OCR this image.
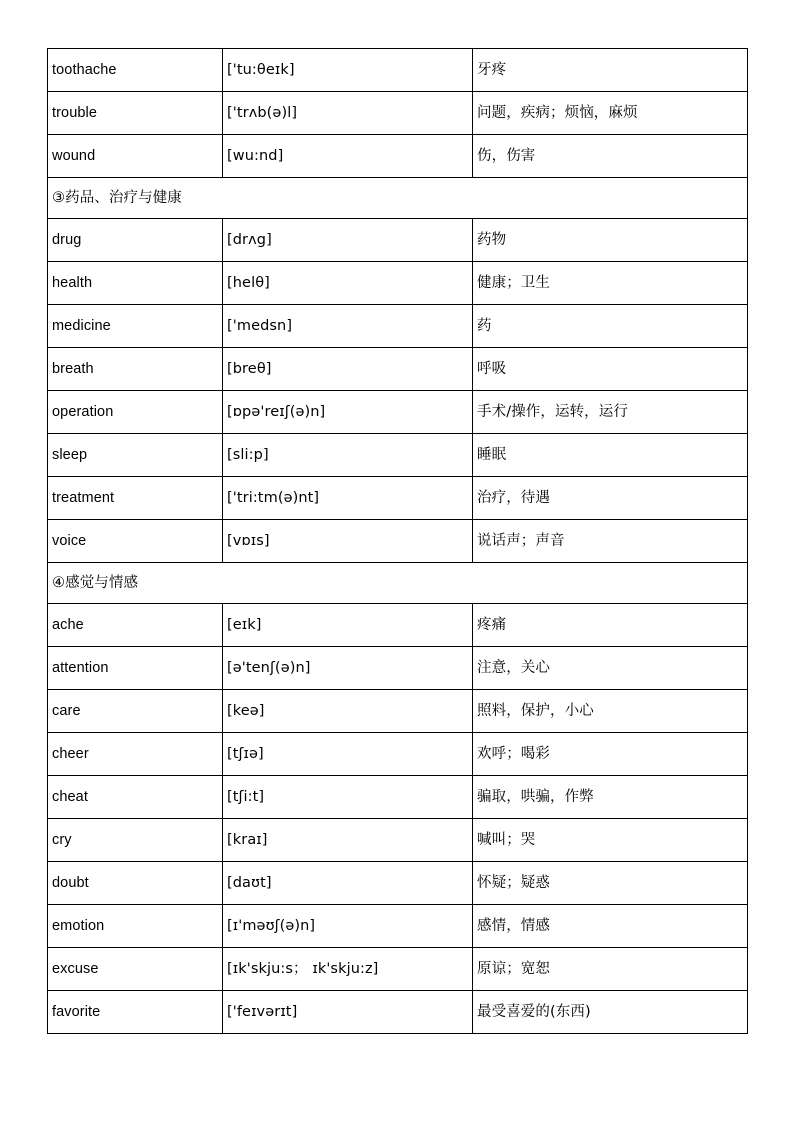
toothache	['tu:θeɪk]	牙疼
trouble	['trʌb(ə)l]	问题，疾病；烦恼，麻烦
wound	[wu:nd]	伤，伤害
③药品、治疗与健康		
drug	[drʌg]	药物
health	[helθ]	健康；卫生
medicine	['medsn]	药
breath	[breθ]	呼吸
operation	[ɒpə'reɪʃ(ə)n]	手术/操作，运转，运行
sleep	[sli:p]	睡眠
treatment	['tri:tm(ə)nt]	治疗，待遇
voice	[vɒɪs]	说话声；声音
④感觉与情感		
ache	[eɪk]	疼痛
attention	[ə'tenʃ(ə)n]	注意，关心
care	[keə]	照料，保护，小心
cheer	[tʃɪə]	欢呼；喝彩
cheat	[tʃi:t]	骗取，哄骗，作弊
cry	[kraɪ]	喊叫；哭
doubt	[daʊt]	怀疑；疑惑
emotion	[ɪ'məʊʃ(ə)n]	感情，情感
excuse	[ɪk'skju:s； ɪk'skju:z]	原谅；宽恕
favorite	['feɪvərɪt]	最受喜爱的(东西)
